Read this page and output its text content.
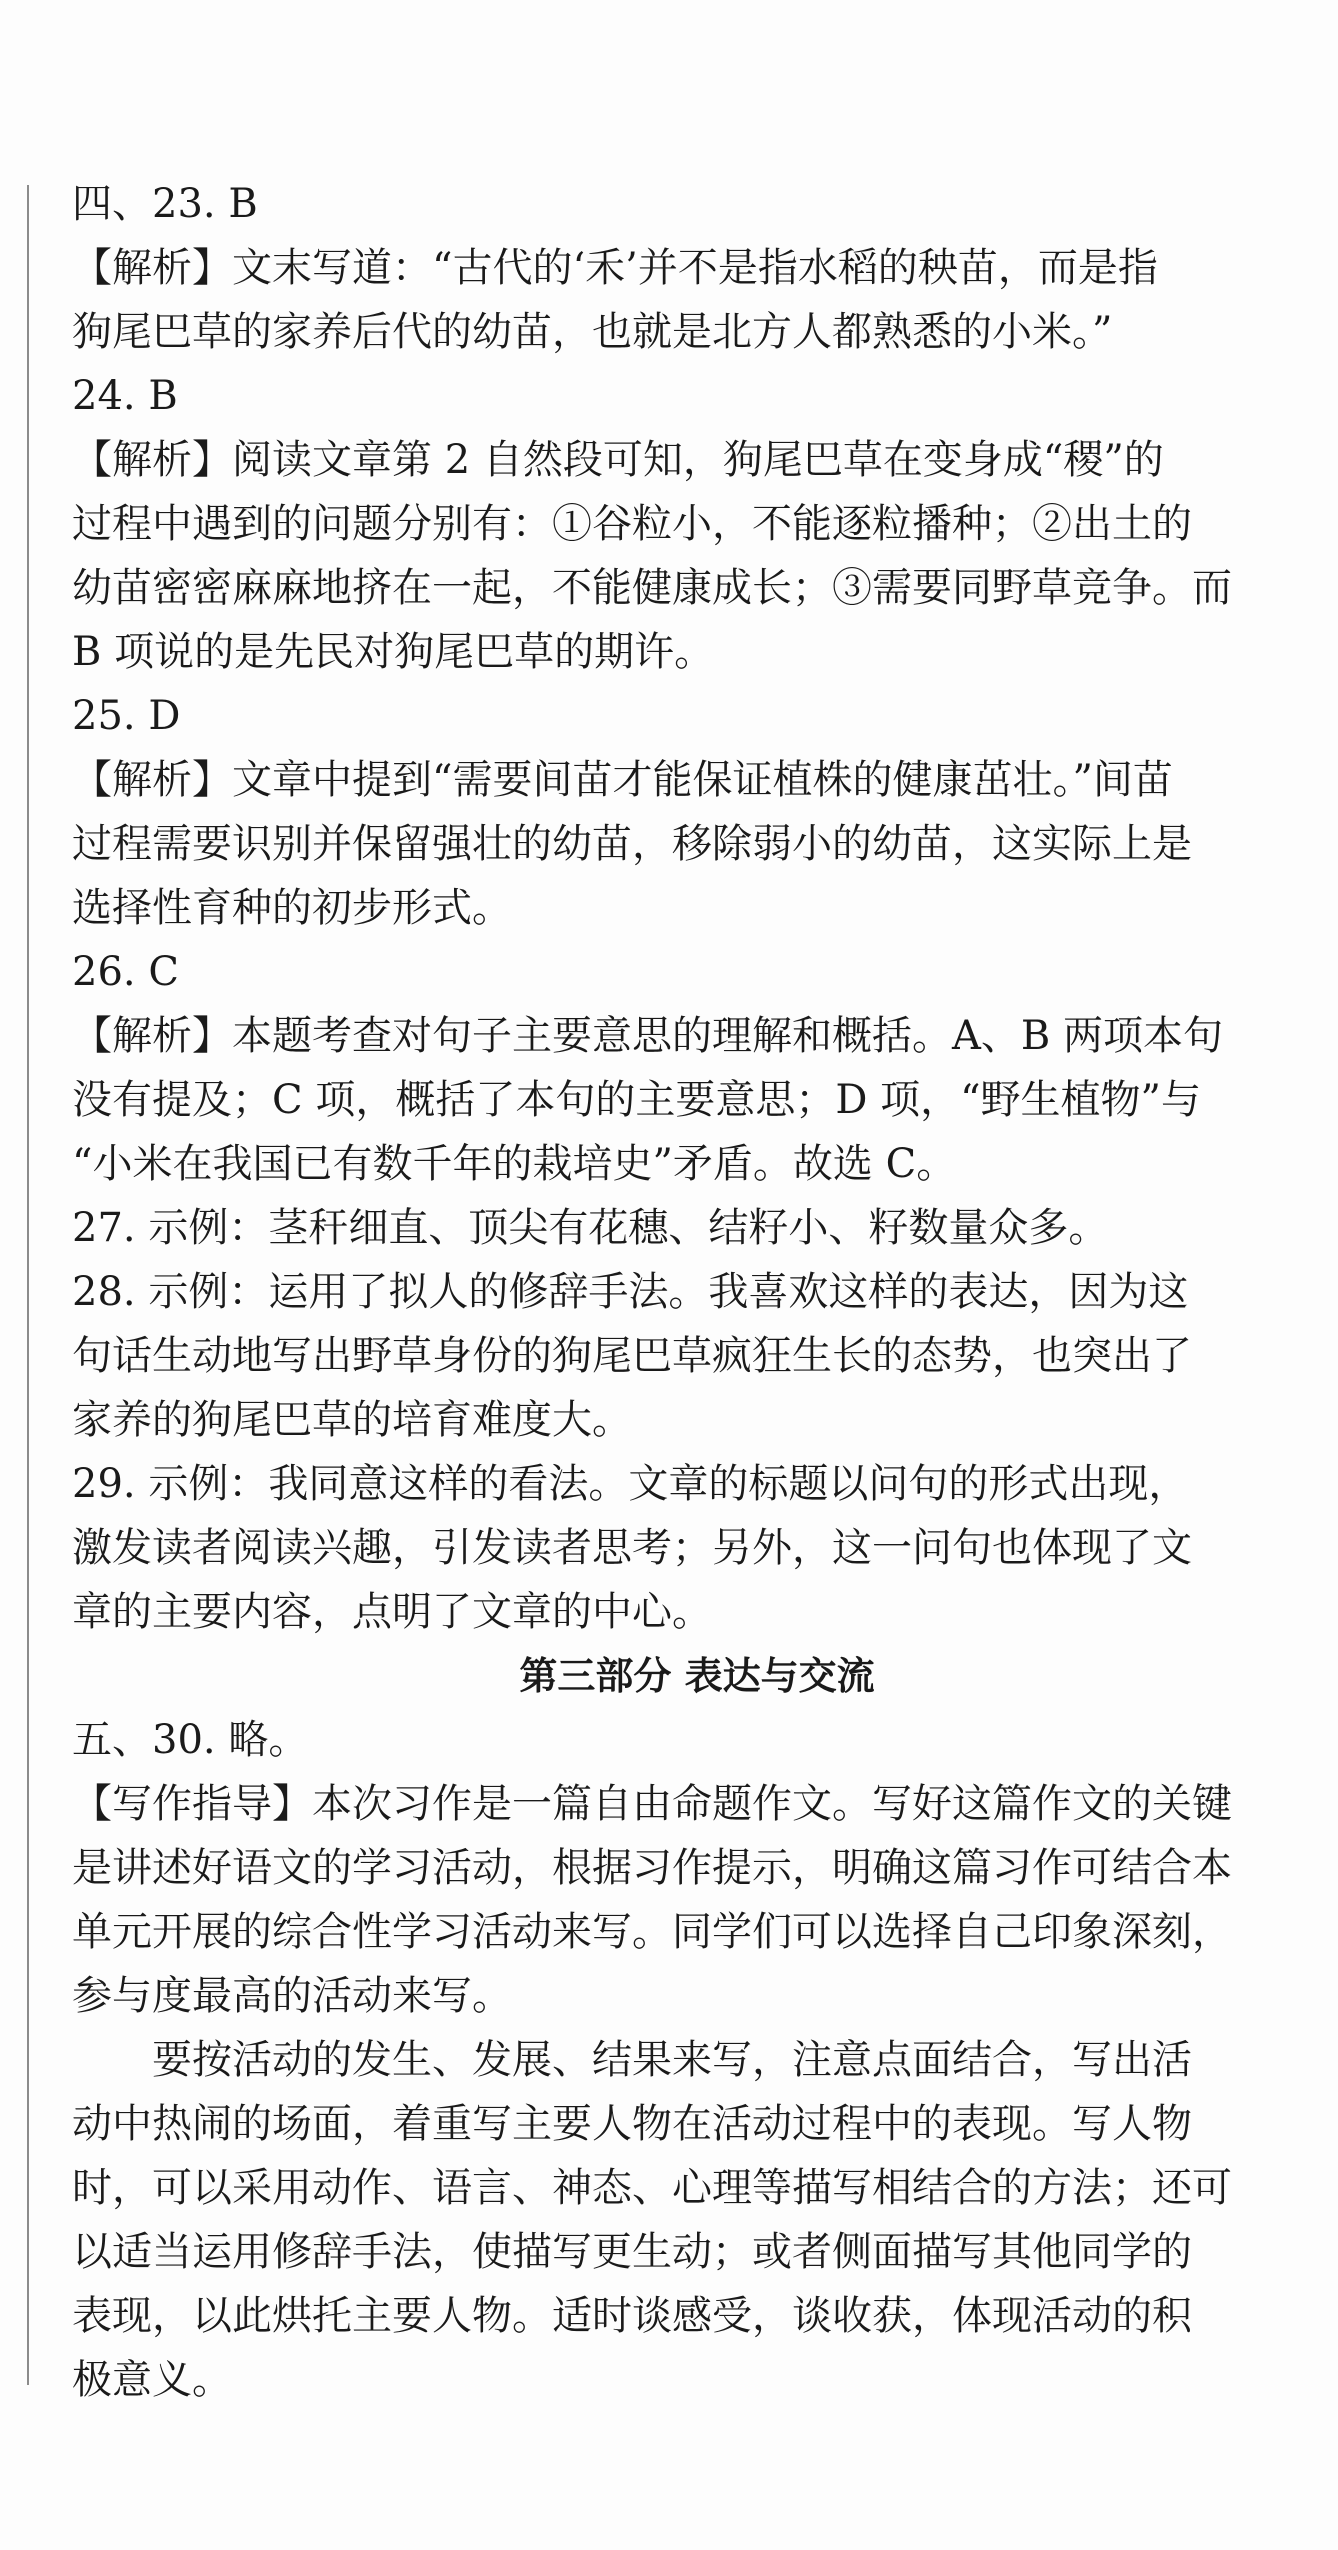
四、23. B

【解析】文末写道：“古代的‘禾’并不是指水稻的秧苗，而是指

狗尾巴草的家养后代的幼苗，也就是北方人都熟悉的小米。”

24. B

【解析】阅读文章第 2 自然段可知，狗尾巴草在变身成“稷”的

过程中遇到的问题分别有：①谷粒小，不能逐粒播种；②出土的

幼苗密密麻麻地挤在一起，不能健康成长；③需要同野草竞争。而

B 项说的是先民对狗尾巴草的期许。

25. D

【解析】文章中提到“需要间苗才能保证植株的健康茁壮。”间苗

过程需要识别并保留强壮的幼苗，移除弱小的幼苗，这实际上是

选择性育种的初步形式。

26. C

【解析】本题考查对句子主要意思的理解和概括。A、B 两项本句

没有提及；C 项，概括了本句的主要意思；D 项，“野生植物”与

“小米在我国已有数千年的栽培史”矛盾。故选 C。

27. 示例：茎秆细直、顶尖有花穗、结籽小、籽数量众多。

28. 示例：运用了拟人的修辞手法。我喜欢这样的表达，因为这

句话生动地写出野草身份的狗尾巴草疯狂生长的态势，也突出了

家养的狗尾巴草的培育难度大。

29. 示例：我同意这样的看法。文章的标题以问句的形式出现，

激发读者阅读兴趣，引发读者思考；另外，这一问句也体现了文

章的主要内容，点明了文章的中心。

第三部分 表达与交流

五、30. 略。

【写作指导】本次习作是一篇自由命题作文。写好这篇作文的关键

是讲述好语文的学习活动，根据习作提示，明确这篇习作可结合本

单元开展的综合性学习活动来写。同学们可以选择自己印象深刻，

参与度最高的活动来写。

要按活动的发生、发展、结果来写，注意点面结合，写出活

动中热闹的场面，着重写主要人物在活动过程中的表现。写人物

时，可以采用动作、语言、神态、心理等描写相结合的方法；还可

以适当运用修辞手法，使描写更生动；或者侧面描写其他同学的

表现，以此烘托主要人物。适时谈感受，谈收获，体现活动的积

极意义。
